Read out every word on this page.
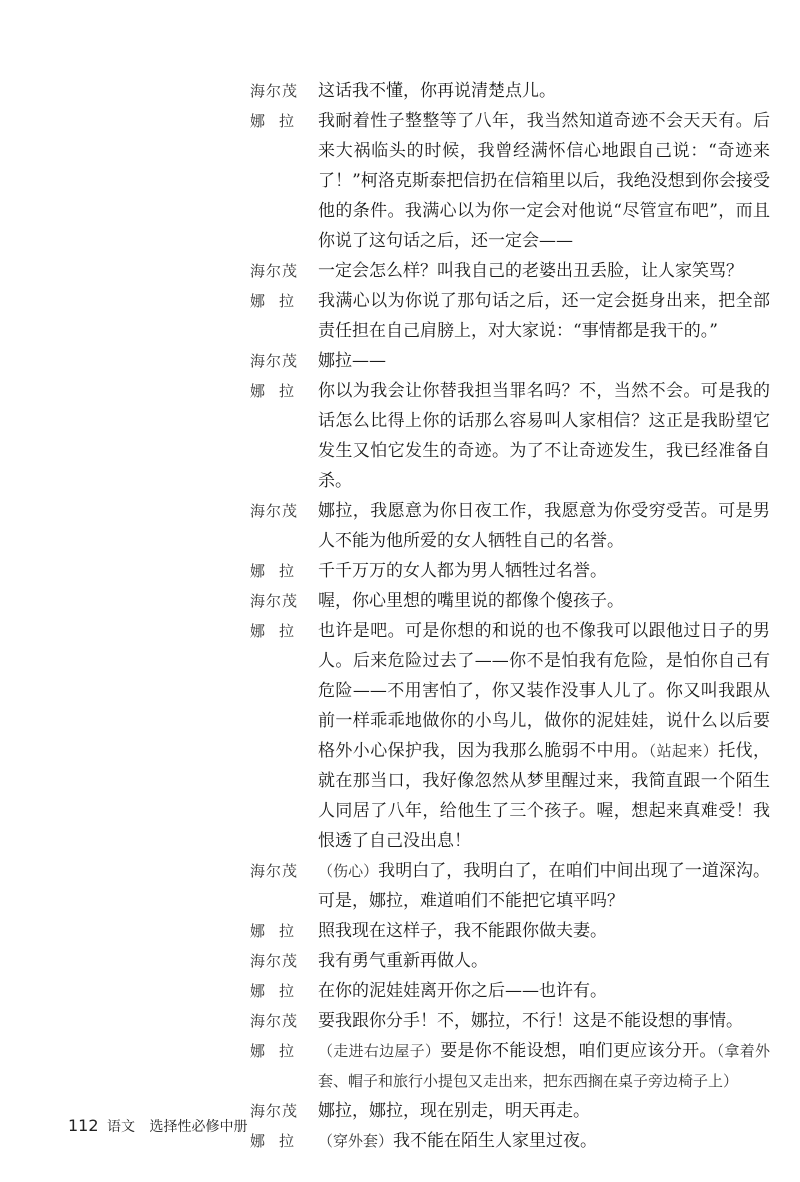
海尔茂	这话我不懂，你再说清楚点儿。
娜拉 我耐着性子整整等了八年，我当然知道奇迹不会天天有。后来大祸临头的时候，我曾经满怀信心地跟自己说：“奇迹来了！”柯洛克斯泰把信扔在信箱里以后，我绝没想到你会接受他的条件。我满心以为你一定会对他说“尽管宣布吧”，而且你说了这句话之后，还一定会——
海尔茂	一定会怎么样？叫我自己的老婆出丑丢脸，让人家笑骂？
娜拉 我满心以为你说了那句话之后，还一定会挺身出来，把全部责任担在自己肩膀上，对大家说：“事情都是我干的。”
海尔茂	娜拉——
娜拉 你以为我会让你替我担当罪名吗？不，当然不会。可是我的话怎么比得上你的话那么容易叫人家相信？这正是我盼望它发生又怕它发生的奇迹。为了不让奇迹发生，我已经准备自杀。
海尔茂	娜拉，我愿意为你日夜工作，我愿意为你受穷受苦。可是男人不能为他所爱的女人牺牲自己的名誉。
娜拉 千千万万的女人都为男人牺牲过名誉。
海尔茂	喔，你心里想的嘴里说的都像个傻孩子。
娜拉 也许是吧。可是你想的和说的也不像我可以跟他过日子的男人。后来危险过去了——你不是怕我有危险，是怕你自己有危险——不用害怕了，你又装作没事人儿了。你又叫我跟从前一样乖乖地做你的小鸟儿，做你的泥娃娃，说什么以后要格外小心保护我，因为我那么脆弱不中用。（站起来）托伐，就在那当口，我好像忽然从梦里醒过来，我简直跟一个陌生人同居了八年，给他生了三个孩子。喔，想起来真难受！我恨透了自己没出息！
海尔茂	（伤心）我明白了，我明白了，在咱们中间出现了一道深沟。可是，娜拉，难道咱们不能把它填平吗？
娜拉 照我现在这样子，我不能跟你做夫妻。
海尔茂	我有勇气重新再做人。
娜拉 在你的泥娃娃离开你之后——也许有。
海尔茂	要我跟你分手！不，娜拉，不行！这是不能设想的事情。
娜拉 （走进右边屋子）要是你不能设想，咱们更应该分开。（拿着外套、帽子和旅行小提包又走出来，把东西搁在桌子旁边椅子上）
海尔茂	娜拉，娜拉，现在别走，明天再走。
娜拉 （穿外套）我不能在陌生人家里过夜。
112 语文 选择性必修中册
